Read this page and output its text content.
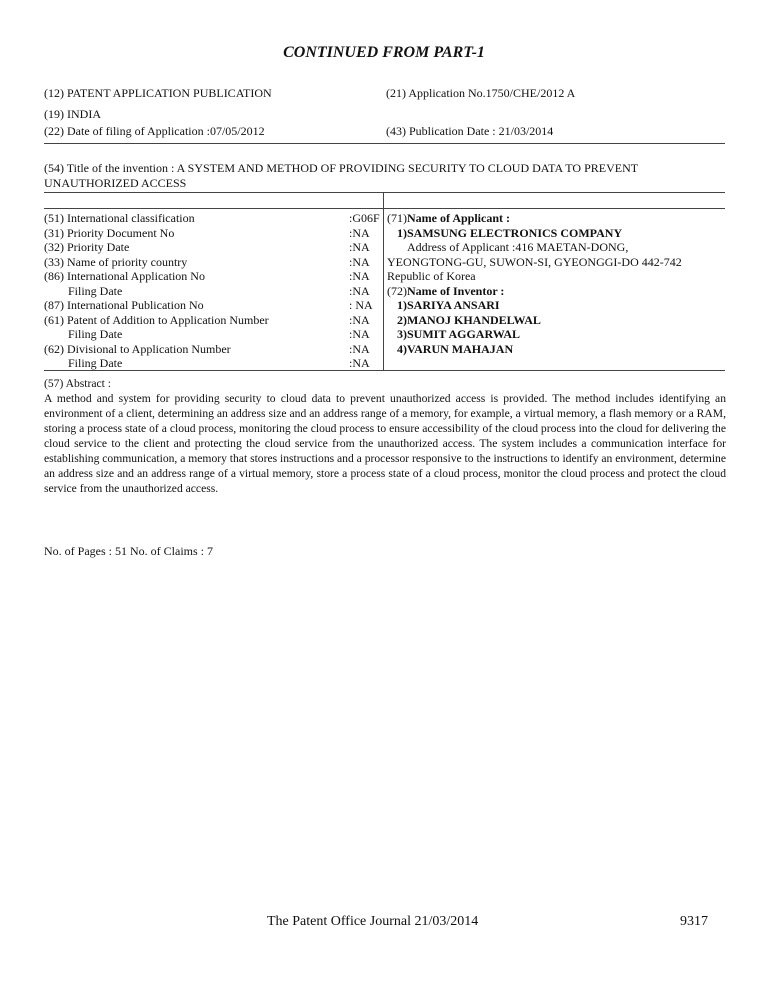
CONTINUED FROM PART-1
(12) PATENT APPLICATION PUBLICATION	(21) Application No.1750/CHE/2012 A
(19) INDIA
(22) Date of filing of Application :07/05/2012	(43) Publication Date : 21/03/2014
(54) Title of the invention : A SYSTEM AND METHOD OF PROVIDING SECURITY TO CLOUD DATA TO PREVENT UNAUTHORIZED ACCESS
(51) International classification	:G06F
(31) Priority Document No	:NA
(32) Priority Date	:NA
(33) Name of priority country	:NA
(86) International Application No	:NA
Filing Date	:NA
(87) International Publication No	: NA
(61) Patent of Addition to Application Number	:NA
Filing Date	:NA
(62) Divisional to Application Number	:NA
Filing Date	:NA
(71)Name of Applicant :
1)SAMSUNG ELECTRONICS COMPANY
Address of Applicant :416 MAETAN-DONG,
YEONGTONG-GU, SUWON-SI, GYEONGGI-DO 442-742
Republic of Korea
(72)Name of Inventor :
1)SARIYA ANSARI
2)MANOJ KHANDELWAL
3)SUMIT AGGARWAL
4)VARUN MAHAJAN
(57) Abstract :
A method and system for providing security to cloud data to prevent unauthorized access is provided. The method includes identifying an environment of a client, determining an address size and an address range of a memory, for example, a virtual memory, a flash memory or a RAM, storing a process state of a cloud process, monitoring the cloud process to ensure accessibility of the cloud process into the cloud for delivering the cloud service to the client and protecting the cloud service from the unauthorized access. The system includes a communication interface for establishing communication, a memory that stores instructions and a processor responsive to the instructions to identify an environment, determine an address size and an address range of a virtual memory, store a process state of a cloud process, monitor the cloud process and protect the cloud service from the unauthorized access.
No. of Pages : 51 No. of Claims : 7
The Patent Office Journal 21/03/2014	9317
